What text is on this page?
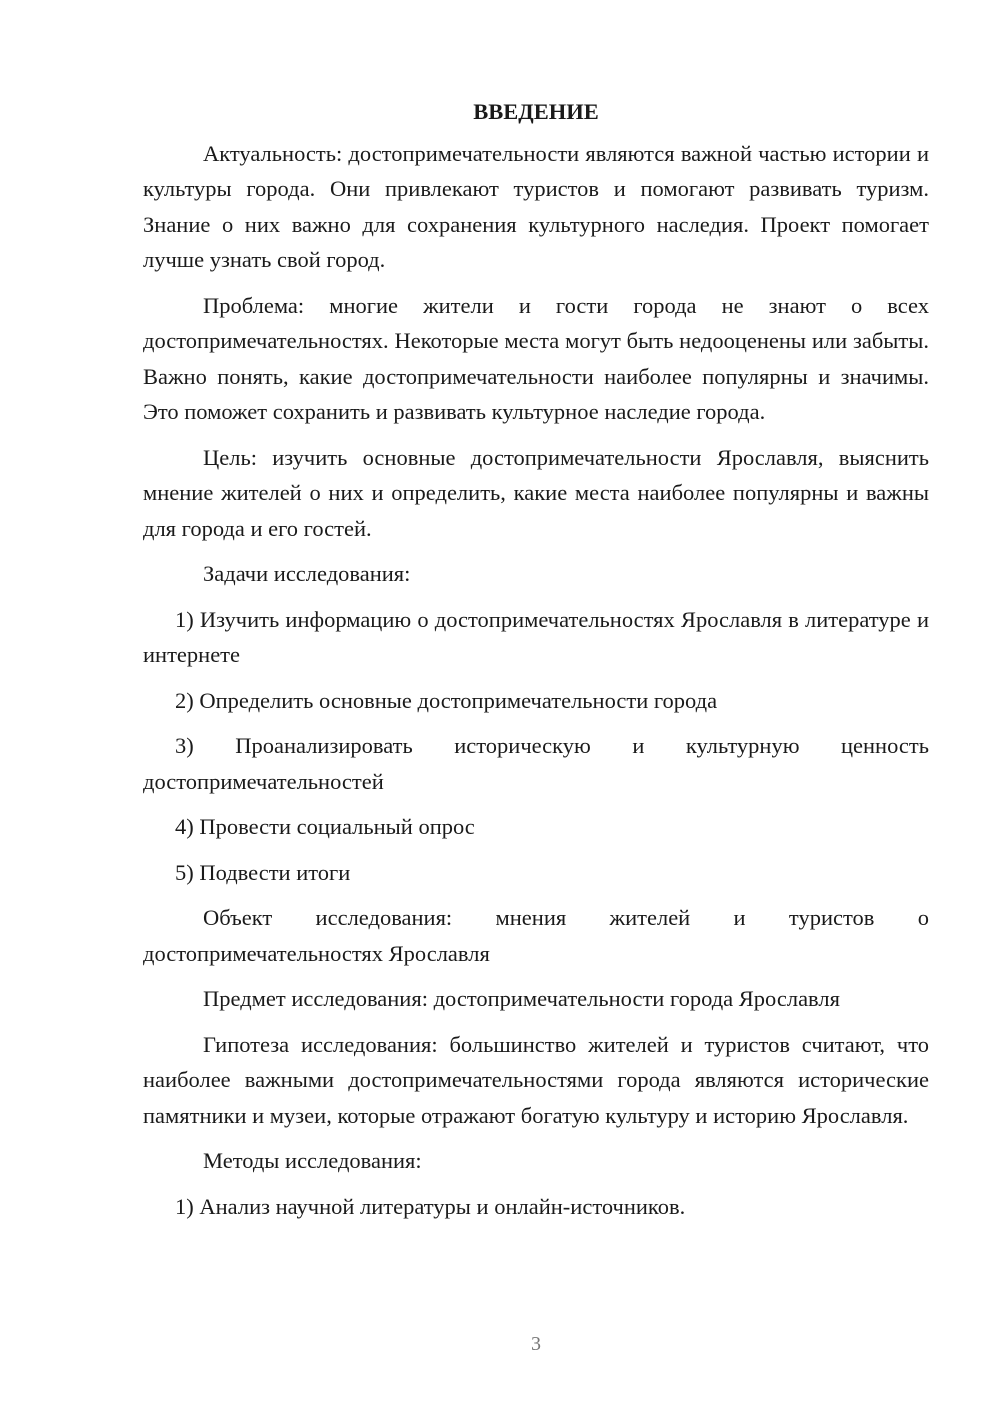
ВВЕДЕНИЕ

Актуальность: достопримечательности являются важной частью истории и культуры города. Они привлекают туристов и помогают развивать туризм. Знание о них важно для сохранения культурного наследия. Проект помогает лучше узнать свой город.

Проблема: многие жители и гости города не знают о всех достопримечательностях. Некоторые места могут быть недооценены или забыты. Важно понять, какие достопримечательности наиболее популярны и значимы. Это поможет сохранить и развивать культурное наследие города.

Цель: изучить основные достопримечательности Ярославля, выяснить мнение жителей о них и определить, какие места наиболее популярны и важны для города и его гостей.

Задачи исследования:

1) Изучить информацию о достопримечательностях Ярославля в литературе и интернете

2) Определить основные достопримечательности города

3) Проанализировать историческую и культурную ценность достопримечательностей

4) Провести социальный опрос

5) Подвести итоги

Объект исследования: мнения жителей и туристов о достопримечательностях Ярославля

Предмет исследования: достопримечательности города Ярославля

Гипотеза исследования: большинство жителей и туристов считают, что наиболее важными достопримечательностями города являются исторические памятники и музеи, которые отражают богатую культуру и историю Ярославля.

Методы исследования:

1) Анализ научной литературы и онлайн-источников.

3
